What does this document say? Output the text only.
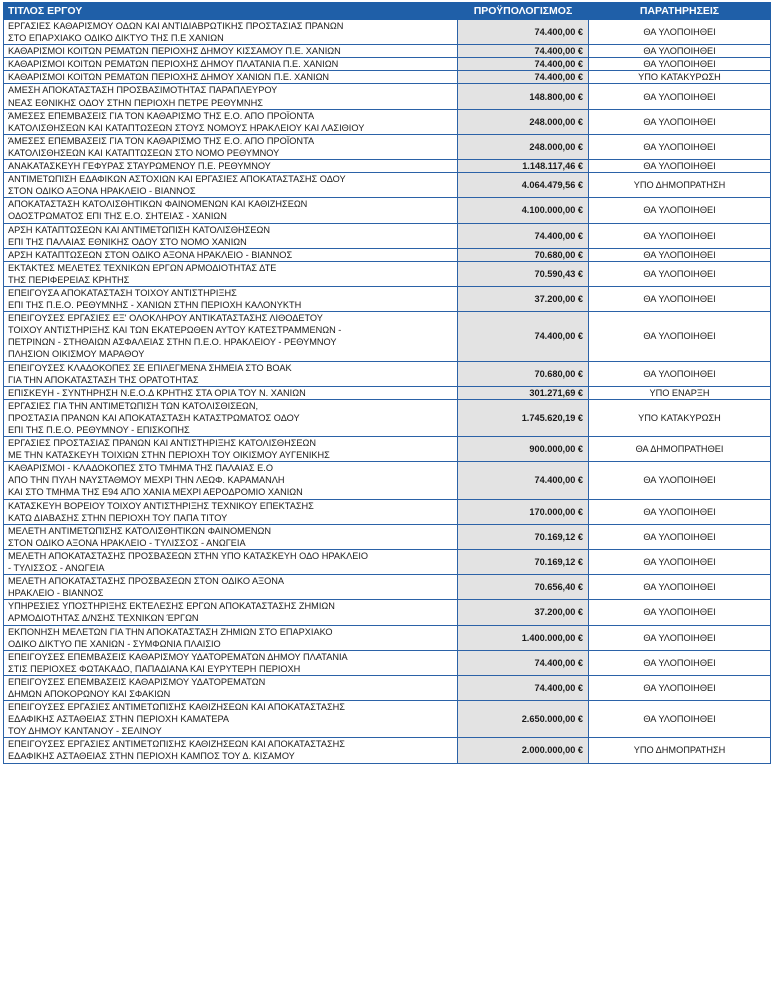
ΤΙΤΛΟΣ ΕΡΓΟΥ	ΠΡΟΫΠΟΛΟΓΙΣΜΟΣ	ΠΑΡΑΤΗΡΗΣΕΙΣ
ΕΡΓΑΣΙΕΣ ΚΑΘΑΡΙΣΜΟΥ ΟΔΩΝ ΚΑΙ ΑΝΤΙΔΙΑΒΡΩΤΙΚΗΣ ΠΡΟΣΤΑΣΙΑΣ ΠΡΑΝΩΝ
ΣΤΟ ΕΠΑΡΧΙΑΚΟ ΟΔΙΚΟ ΔΙΚΤΥΟ ΤΗΣ Π.Ε ΧΑΝΙΩΝ	74.400,00 €	ΘΑ ΥΛΟΠΟΙΗΘΕΙ
ΚΑΘΑΡΙΣΜΟΙ ΚΟΙΤΩΝ ΡΕΜΑΤΩΝ ΠΕΡΙΟΧΗΣ ΔΗΜΟΥ ΚΙΣΣΑΜΟΥ Π.Ε. ΧΑΝΙΩΝ	74.400,00 €	ΘΑ ΥΛΟΠΟΙΗΘΕΙ
ΚΑΘΑΡΙΣΜΟΙ ΚΟΙΤΩΝ ΡΕΜΑΤΩΝ ΠΕΡΙΟΧΗΣ ΔΗΜΟΥ ΠΛΑΤΑΝΙΑ Π.Ε. ΧΑΝΙΩΝ	74.400,00 €	ΘΑ ΥΛΟΠΟΙΗΘΕΙ
ΚΑΘΑΡΙΣΜΟΙ ΚΟΙΤΩΝ ΡΕΜΑΤΩΝ ΠΕΡΙΟΧΗΣ ΔΗΜΟΥ ΧΑΝΙΩΝ Π.Ε. ΧΑΝΙΩΝ	74.400,00 €	ΥΠΟ ΚΑΤΑΚΥΡΩΣΗ
ΑΜΕΣΗ ΑΠΟΚΑΤΑΣΤΑΣΗ ΠΡΟΣΒΑΣΙΜΟΤΗΤΑΣ ΠΑΡΑΠΛΕΥΡΟΥ
ΝΕΑΣ ΕΘΝΙΚΗΣ ΟΔΟΥ ΣΤΗΝ ΠΕΡΙΟΧΗ ΠΕΤΡΕ ΡΕΘΥΜΝΗΣ	148.800,00 €	ΘΑ ΥΛΟΠΟΙΗΘΕΙ
ΆΜΕΣΕΣ ΕΠΕΜΒΑΣΕΙΣ ΓΙΑ ΤΟΝ ΚΑΘΑΡΙΣΜΟ ΤΗΣ Ε.Ο. ΑΠΟ ΠΡΟΪΟΝΤΑ
ΚΑΤΟΛΙΣΘΗΣΕΩΝ ΚΑΙ ΚΑΤΑΠΤΩΣΕΩΝ ΣΤΟΥΣ ΝΟΜΟΥΣ ΗΡΑΚΛΕΙΟΥ ΚΑΙ ΛΑΣΙΘΙΟΥ	248.000,00 €	ΘΑ ΥΛΟΠΟΙΗΘΕΙ
ΆΜΕΣΕΣ ΕΠΕΜΒΑΣΕΙΣ ΓΙΑ ΤΟΝ ΚΑΘΑΡΙΣΜΟ ΤΗΣ Ε.Ο. ΑΠΟ ΠΡΟΪΟΝΤΑ
ΚΑΤΟΛΙΣΘΗΣΕΩΝ ΚΑΙ ΚΑΤΑΠΤΩΣΕΩΝ ΣΤΟ ΝΟΜΟ ΡΕΘΥΜΝΟΥ	248.000,00 €	ΘΑ ΥΛΟΠΟΙΗΘΕΙ
ΑΝΑΚΑΤΑΣΚΕΥΗ ΓΕΦΥΡΑΣ ΣΤΑΥΡΩΜΕΝΟΥ Π.Ε. ΡΕΘΥΜΝΟΥ	1.148.117,46 €	ΘΑ ΥΛΟΠΟΙΗΘΕΙ
ΑΝΤΙΜΕΤΩΠΙΣΗ ΕΔΑΦΙΚΩΝ ΑΣΤΟΧΙΩΝ ΚΑΙ ΕΡΓΑΣΙΕΣ ΑΠΟΚΑΤΑΣΤΑΣΗΣ ΟΔΟΥ
ΣΤΟΝ ΟΔΙΚΟ ΑΞΟΝΑ ΗΡΑΚΛΕΙΟ - ΒΙΑΝΝΟΣ	4.064.479,56 €	ΥΠΟ ΔΗΜΟΠΡΑΤΗΣΗ
ΑΠΟΚΑΤΑΣΤΑΣΗ ΚΑΤΟΛΙΣΘΗΤΙΚΩΝ ΦΑΙΝΟΜΕΝΩΝ ΚΑΙ ΚΑΘΙΖΗΣΕΩΝ
ΟΔΟΣΤΡΩΜΑΤΟΣ ΕΠΙ ΤΗΣ Ε.Ο. ΣΗΤΕΙΑΣ - ΧΑΝΙΩΝ	4.100.000,00 €	ΘΑ ΥΛΟΠΟΙΗΘΕΙ
ΑΡΣΗ ΚΑΤΑΠΤΩΣΕΩΝ ΚΑΙ ΑΝΤΙΜΕΤΩΠΙΣΗ ΚΑΤΟΛΙΣΘΗΣΕΩΝ
ΕΠΙ ΤΗΣ ΠΑΛΑΙΑΣ ΕΘΝΙΚΗΣ ΟΔΟΥ ΣΤΟ ΝΟΜΟ ΧΑΝΙΩΝ	74.400,00 €	ΘΑ ΥΛΟΠΟΙΗΘΕΙ
ΑΡΣΗ ΚΑΤΑΠΤΩΣΕΩΝ ΣΤΟΝ ΟΔΙΚΟ ΑΞΟΝΑ ΗΡΑΚΛΕΙΟ - ΒΙΑΝΝΟΣ	70.680,00 €	ΘΑ ΥΛΟΠΟΙΗΘΕΙ
ΕΚΤΑΚΤΕΣ ΜΕΛΕΤΕΣ ΤΕΧΝΙΚΩΝ ΕΡΓΩΝ ΑΡΜΟΔΙΟΤΗΤΑΣ ΔΤΕ
ΤΗΣ ΠΕΡΙΦΕΡΕΙΑΣ ΚΡΗΤΗΣ	70.590,43 €	ΘΑ ΥΛΟΠΟΙΗΘΕΙ
ΕΠΕΙΓΟΥΣΑ ΑΠΟΚΑΤΑΣΤΑΣΗ ΤΟΙΧΟΥ ΑΝΤΙΣΤΗΡΙΞΗΣ
ΕΠΙ ΤΗΣ Π.Ε.Ο. ΡΕΘΥΜΝΗΣ - ΧΑΝΙΩΝ ΣΤΗΝ ΠΕΡΙΟΧΗ ΚΑΛΟΝΥΚΤΗ	37.200,00 €	ΘΑ ΥΛΟΠΟΙΗΘΕΙ
ΕΠΕΙΓΟΥΣΕΣ ΕΡΓΑΣΙΕΣ ΕΞ' ΟΛΟΚΛΗΡΟΥ ΑΝΤΙΚΑΤΑΣΤΑΣΗΣ ΛΙΘΟΔΕΤΟΥ
ΤΟΙΧΟΥ ΑΝΤΙΣΤΗΡΙΞΗΣ ΚΑΙ ΤΩΝ ΕΚΑΤΕΡΩΘΕΝ ΑΥΤΟΥ ΚΑΤΕΣΤΡΑΜΜΕΝΩΝ -
ΠΕΤΡΙΝΩΝ - ΣΤΗΘΑΙΩΝ ΑΣΦΑΛΕΙΑΣ ΣΤΗΝ Π.Ε.Ο. ΗΡΑΚΛΕΙΟΥ - ΡΕΘΥΜΝΟΥ
ΠΛΗΣΙΟΝ ΟΙΚΙΣΜΟΥ ΜΑΡΑΘΟΥ	74.400,00 €	ΘΑ ΥΛΟΠΟΙΗΘΕΙ
ΕΠΕΙΓΟΥΣΕΣ ΚΛΑΔΟΚΟΠΕΣ ΣΕ ΕΠΙΛΕΓΜΕΝΑ ΣΗΜΕΙΑ ΣΤΟ ΒΟΑΚ
ΓΙΑ ΤΗΝ ΑΠΟΚΑΤΑΣΤΑΣΗ ΤΗΣ ΟΡΑΤΟΤΗΤΑΣ	70.680,00 €	ΘΑ ΥΛΟΠΟΙΗΘΕΙ
ΕΠΙΣΚΕΥΗ - ΣΥΝΤΗΡΗΣΗ Ν.Ε.Ο.Δ ΚΡΗΤΗΣ ΣΤΑ ΟΡΙΑ ΤΟΥ Ν. ΧΑΝΙΩΝ	301.271,69 €	ΥΠΟ ΕΝΑΡΞΗ
ΕΡΓΑΣΙΕΣ ΓΙΑ ΤΗΝ ΑΝΤΙΜΕΤΩΠΙΣΗ ΤΩΝ ΚΑΤΟΛΙΣΘΙΣΕΩΝ,
ΠΡΟΣΤΑΣΙΑ ΠΡΑΝΩΝ ΚΑΙ ΑΠΟΚΑΤΑΣΤΑΣΗ ΚΑΤΑΣΤΡΩΜΑΤΟΣ ΟΔΟΥ
ΕΠΙ ΤΗΣ Π.Ε.Ο. ΡΕΘΥΜΝΟΥ - ΕΠΙΣΚΟΠΗΣ	1.745.620,19 €	ΥΠΟ ΚΑΤΑΚΥΡΩΣΗ
ΕΡΓΑΣΙΕΣ ΠΡΟΣΤΑΣΙΑΣ ΠΡΑΝΩΝ ΚΑΙ ΑΝΤΙΣΤΗΡΙΞΗΣ ΚΑΤΟΛΙΣΘΗΣΕΩΝ
ΜΕ ΤΗΝ ΚΑΤΑΣΚΕΥΗ ΤΟΙΧΙΩΝ ΣΤΗΝ ΠΕΡΙΟΧΗ ΤΟΥ ΟΙΚΙΣΜΟΥ ΑΥΓΕΝΙΚΗΣ	900.000,00 €	ΘΑ ΔΗΜΟΠΡΑΤΗΘΕΙ
ΚΑΘΑΡΙΣΜΟΙ - ΚΛΑΔΟΚΟΠΕΣ ΣΤΟ ΤΜΗΜΑ ΤΗΣ ΠΑΛΑΙΑΣ Ε.Ο
ΑΠΟ ΤΗΝ ΠΥΛΗ ΝΑΥΣΤΑΘΜΟΥ ΜΕΧΡΙ ΤΗΝ ΛΕΩΦ. ΚΑΡΑΜΑΝΛΗ
ΚΑΙ ΣΤΟ ΤΜΗΜΑ ΤΗΣ Ε94 ΑΠΟ ΧΑΝΙΑ ΜΕΧΡΙ ΑΕΡΟΔΡΟΜΙΟ ΧΑΝΙΩΝ	74.400,00 €	ΘΑ ΥΛΟΠΟΙΗΘΕΙ
ΚΑΤΑΣΚΕΥΗ ΒΟΡΕΙΟΥ ΤΟΙΧΟΥ ΑΝΤΙΣΤΗΡΙΞΗΣ ΤΕΧΝΙΚΟΥ ΕΠΕΚΤΑΣΗΣ
ΚΑΤΩ ΔΙΑΒΑΣΗΣ ΣΤΗΝ ΠΕΡΙΟΧΗ ΤΟΥ ΠΑΠΑ ΤΙΤΟΥ	170.000,00 €	ΘΑ ΥΛΟΠΟΙΗΘΕΙ
ΜΕΛΕΤΗ ΑΝΤΙΜΕΤΩΠΙΣΗΣ ΚΑΤΟΛΙΣΘΗΤΙΚΩΝ ΦΑΙΝΟΜΕΝΩΝ
ΣΤΟΝ ΟΔΙΚΟ ΑΞΟΝΑ ΗΡΑΚΛΕΙΟ - ΤΥΛΙΣΣΟΣ - ΑΝΩΓΕΙΑ	70.169,12 €	ΘΑ ΥΛΟΠΟΙΗΘΕΙ
ΜΕΛΕΤΗ ΑΠΟΚΑΤΑΣΤΑΣΗΣ ΠΡΟΣΒΑΣΕΩΝ ΣΤΗΝ ΥΠΟ ΚΑΤΑΣΚΕΥΗ ΟΔΟ ΗΡΑΚΛΕΙΟ
- ΤΥΛΙΣΣΟΣ - ΑΝΩΓΕΙΑ	70.169,12 €	ΘΑ ΥΛΟΠΟΙΗΘΕΙ
ΜΕΛΕΤΗ ΑΠΟΚΑΤΑΣΤΑΣΗΣ ΠΡΟΣΒΑΣΕΩΝ ΣΤΟΝ ΟΔΙΚΟ ΑΞΟΝΑ
ΗΡΑΚΛΕΙΟ - ΒΙΑΝΝΟΣ	70.656,40 €	ΘΑ ΥΛΟΠΟΙΗΘΕΙ
ΥΠΗΡΕΣΙΕΣ ΥΠΟΣΤΗΡΙΞΗΣ ΕΚΤΕΛΕΣΗΣ ΕΡΓΩΝ ΑΠΟΚΑΤΑΣΤΑΣΗΣ ΖΗΜΙΩΝ
ΑΡΜΟΔΙΟΤΗΤΑΣ Δ/ΝΣΗΣ ΤΕΧΝΙΚΩΝ ΈΡΓΩΝ	37.200,00 €	ΘΑ ΥΛΟΠΟΙΗΘΕΙ
ΕΚΠΟΝΗΣΗ ΜΕΛΕΤΩΝ ΓΙΑ ΤΗΝ ΑΠΟΚΑΤΑΣΤΑΣΗ ΖΗΜΙΩΝ ΣΤΟ ΕΠΑΡΧΙΑΚΟ
ΟΔΙΚΟ ΔΙΚΤΥΟ ΠΕ ΧΑΝΙΩΝ - ΣΥΜΦΩΝΙΑ ΠΛΑΙΣΙΟ	1.400.000,00 €	ΘΑ ΥΛΟΠΟΙΗΘΕΙ
ΕΠΕΙΓΟΥΣΕΣ ΕΠΕΜΒΑΣΕΙΣ ΚΑΘΑΡΙΣΜΟΥ ΥΔΑΤΟΡΕΜΑΤΩΝ ΔΗΜΟΥ ΠΛΑΤΑΝΙΑ
ΣΤΙΣ ΠΕΡΙΟΧΕΣ ΦΩΤΑΚΑΔΟ, ΠΑΠΑΔΙΑΝΑ ΚΑΙ ΕΥΡΥΤΕΡΗ ΠΕΡΙΟΧΗ	74.400,00 €	ΘΑ ΥΛΟΠΟΙΗΘΕΙ
ΕΠΕΙΓΟΥΣΕΣ ΕΠΕΜΒΑΣΕΙΣ ΚΑΘΑΡΙΣΜΟΥ ΥΔΑΤΟΡΕΜΑΤΩΝ
ΔΗΜΩΝ ΑΠΟΚΟΡΩΝΟΥ ΚΑΙ ΣΦΑΚΙΩΝ	74.400,00 €	ΘΑ ΥΛΟΠΟΙΗΘΕΙ
ΕΠΕΙΓΟΥΣΕΣ ΕΡΓΑΣΙΕΣ ΑΝΤΙΜΕΤΩΠΙΣΗΣ ΚΑΘΙΖΗΣΕΩΝ ΚΑΙ ΑΠΟΚΑΤΑΣΤΑΣΗΣ
ΕΔΑΦΙΚΗΣ ΑΣΤΑΘΕΙΑΣ ΣΤΗΝ ΠΕΡΙΟΧΗ ΚΑΜΑΤΕΡΑ
ΤΟΥ ΔΗΜΟΥ ΚΑΝΤΑΝΟΥ - ΣΕΛΙΝΟΥ	2.650.000,00 €	ΘΑ ΥΛΟΠΟΙΗΘΕΙ
ΕΠΕΙΓΟΥΣΕΣ ΕΡΓΑΣΙΕΣ ΑΝΤΙΜΕΤΩΠΙΣΗΣ ΚΑΘΙΖΗΣΕΩΝ ΚΑΙ ΑΠΟΚΑΤΑΣΤΑΣΗΣ
ΕΔΑΦΙΚΗΣ ΑΣΤΑΘΕΙΑΣ ΣΤΗΝ ΠΕΡΙΟΧΗ ΚΑΜΠΟΣ ΤΟΥ Δ. ΚΙΣΑΜΟΥ	2.000.000,00 €	ΥΠΟ ΔΗΜΟΠΡΑΤΗΣΗ
